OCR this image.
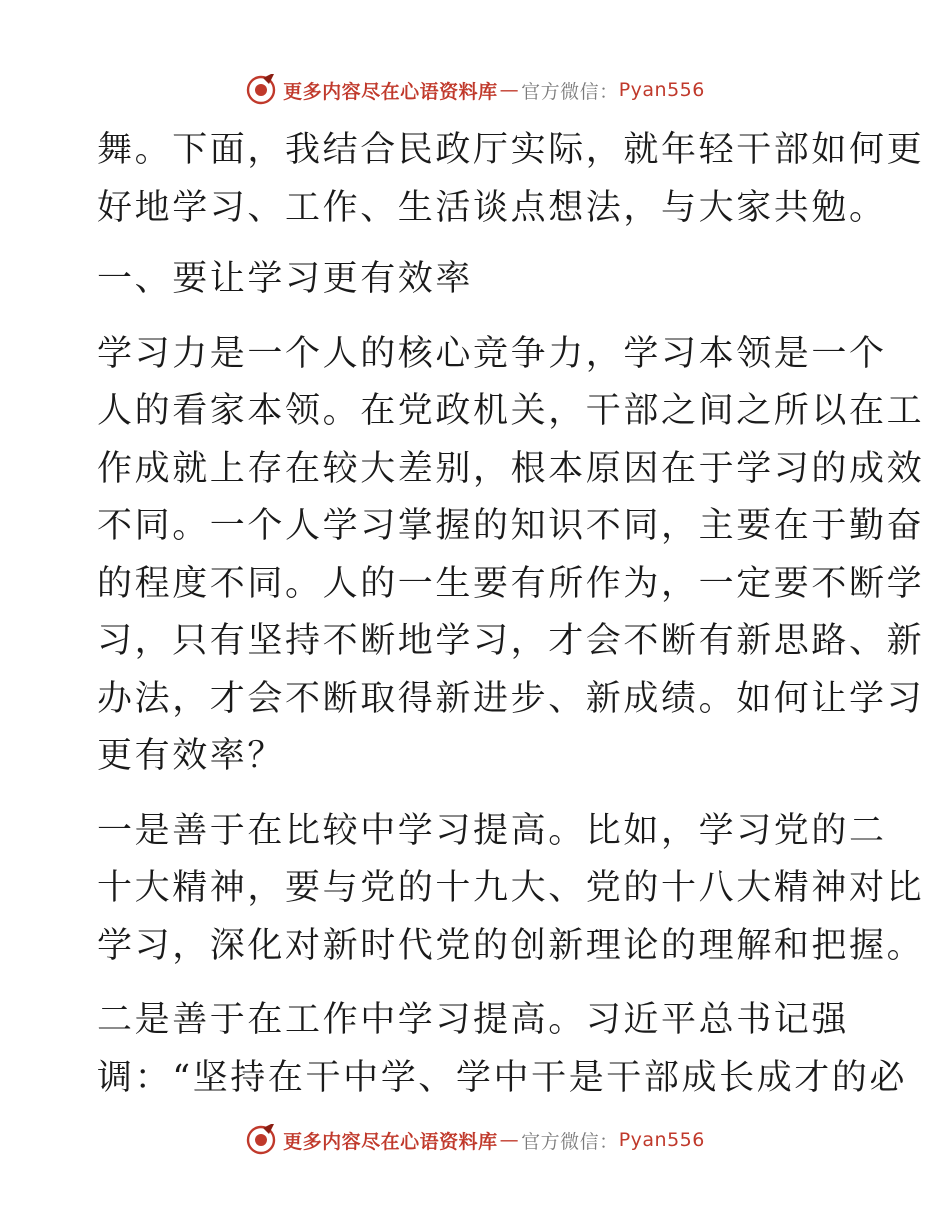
更多内容尽在心语资料库 — 官方微信： Pyan556

舞。下面，我结合民政厅实际，就年轻干部如何更

好地学习、工作、生活谈点想法，与大家共勉。

一、要让学习更有效率

学习力是一个人的核心竞争力，学习本领是一个

人的看家本领。在党政机关，干部之间之所以在工

作成就上存在较大差别，根本原因在于学习的成效

不同。一个人学习掌握的知识不同，主要在于勤奋

的程度不同。人的一生要有所作为，一定要不断学

习，只有坚持不断地学习，才会不断有新思路、新

办法，才会不断取得新进步、新成绩。如何让学习

更有效率？

一是善于在比较中学习提高。比如，学习党的二

十大精神，要与党的十九大、党的十八大精神对比

学习，深化对新时代党的创新理论的理解和把握。

二是善于在工作中学习提高。习近平总书记强

调：“坚持在干中学、学中干是干部成长成才的必

更多内容尽在心语资料库 — 官方微信： Pyan556
